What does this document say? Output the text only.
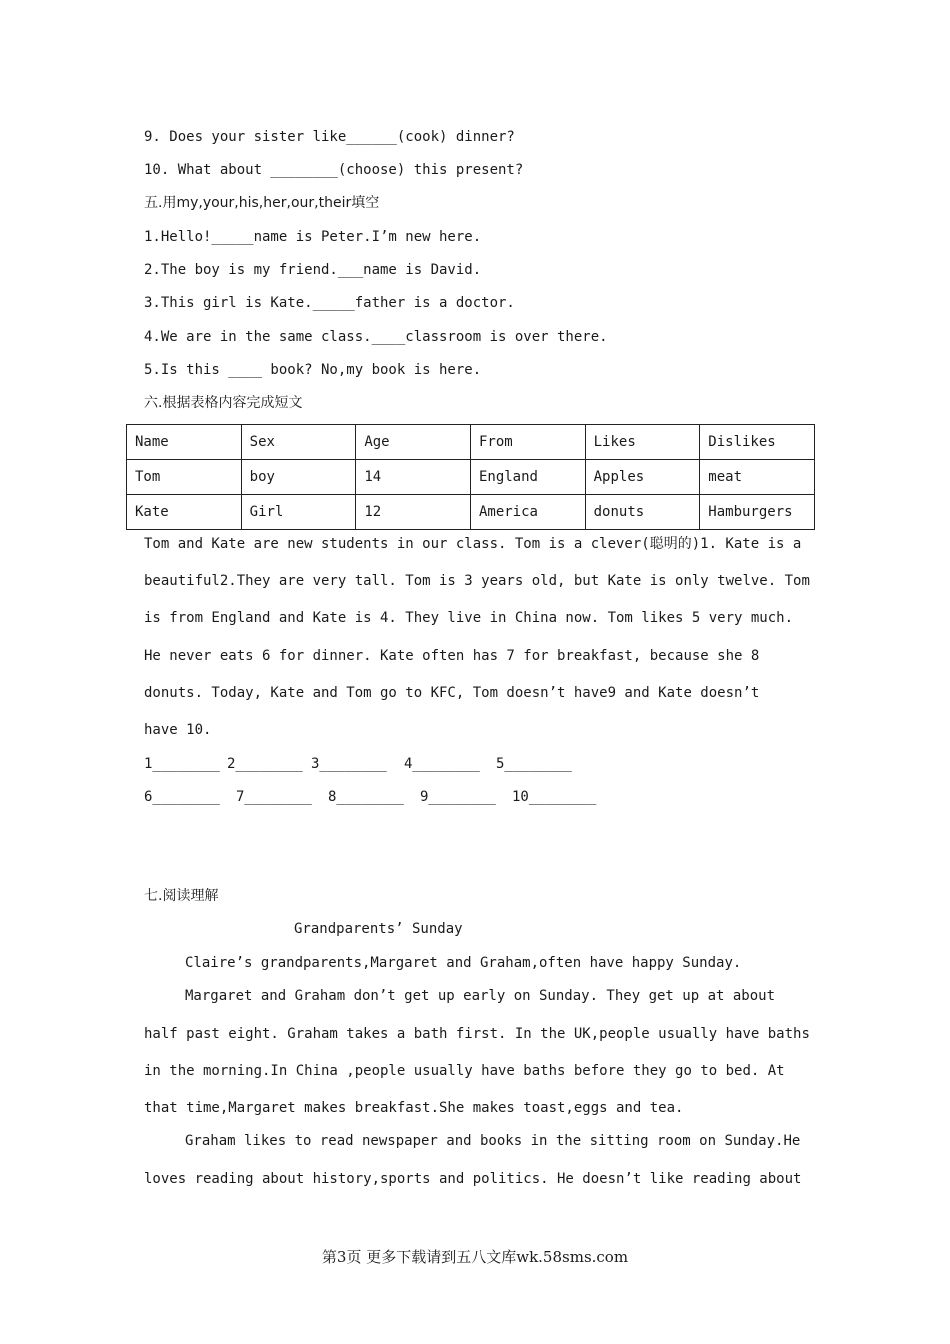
9. Does your sister like______(cook) dinner?
10. What about ________(choose) this present?
五.用my,your,his,her,our,their填空
1.Hello!_____name is Peter.I’m new here.
2.The boy is my friend.___name is David.
3.This girl is Kate._____father is a doctor.
4.We are in the same class.____classroom is over there.
5.Is this ____ book? No,my book is here.
六.根据表格内容完成短文
Name	Sex	Age	From	Likes	Dislikes
Tom	boy	14	England	Apples	meat
Kate	Girl	12	America	donuts	Hamburgers
Tom and Kate are new students in our class. Tom is a clever(聪明的)1. Kate is a
beautiful2.They are very tall. Tom is 3 years old, but Kate is only twelve. Tom
is from England and Kate is 4. They live in China now. Tom likes 5 very much.
He never eats 6 for dinner. Kate often has 7 for breakfast, because she 8
donuts. Today, Kate and Tom go to KFC, Tom doesn’t have9 and Kate doesn’t
have 10.
1________ 2________ 3________ 4________ 5________
6________ 7________ 8________ 9________ 10________
七.阅读理解
Grandparents’ Sunday
Claire’s grandparents,Margaret and Graham,often have happy Sunday.
Margaret and Graham don’t get up early on Sunday. They get up at about
half past eight. Graham takes a bath first. In the UK,people usually have baths
in the morning.In China ,people usually have baths before they go to bed. At
that time,Margaret makes breakfast.She makes toast,eggs and tea.
Graham likes to read newspaper and books in the sitting room on Sunday.He
loves reading about history,sports and politics. He doesn’t like reading about
第3页 更多下载请到五八文库wk.58sms.com
